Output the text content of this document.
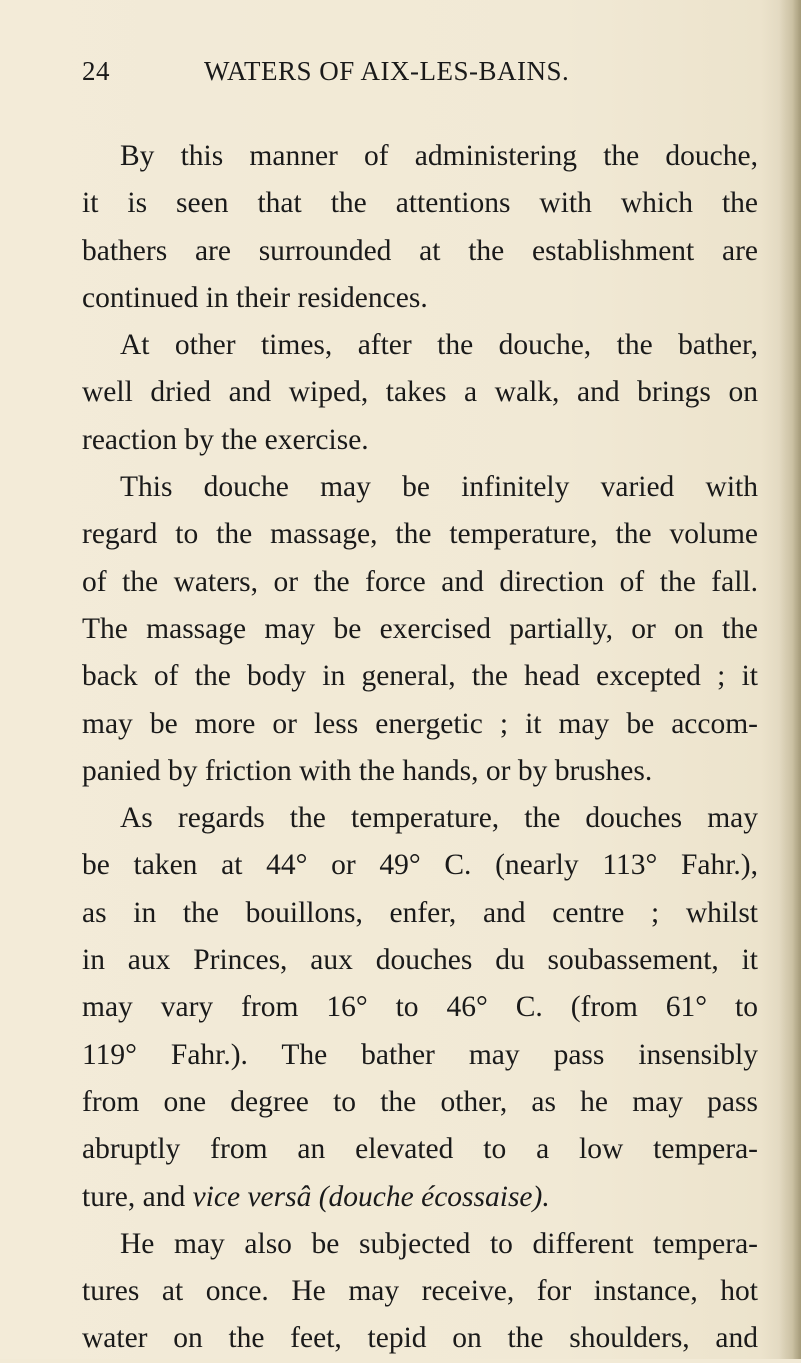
24	WATERS OF AIX-LES-BAINS.
By this manner of administering the douche,
it is seen that the attentions with which the
bathers are surrounded at the establishment are
continued in their residences.
At other times, after the douche, the bather,
well dried and wiped, takes a walk, and brings on
reaction by the exercise.
This douche may be infinitely varied with
regard to the massage, the temperature, the volume
of the waters, or the force and direction of the fall.
The massage may be exercised partially, or on the
back of the body in general, the head excepted ; it
may be more or less energetic ; it may be accom-
panied by friction with the hands, or by brushes.
As regards the temperature, the douches may
be taken at 44° or 49° C. (nearly 113° Fahr.),
as in the bouillons, enfer, and centre ; whilst
in aux Princes, aux douches du soubassement, it
may vary from 16° to 46° C. (from 61° to
119° Fahr.). The bather may pass insensibly
from one degree to the other, as he may pass
abruptly from an elevated to a low tempera-
ture, and vice versâ (douche écossaise).
He may also be subjected to different tempera-
tures at once. He may receive, for instance, hot
water on the feet, tepid on the shoulders, and
